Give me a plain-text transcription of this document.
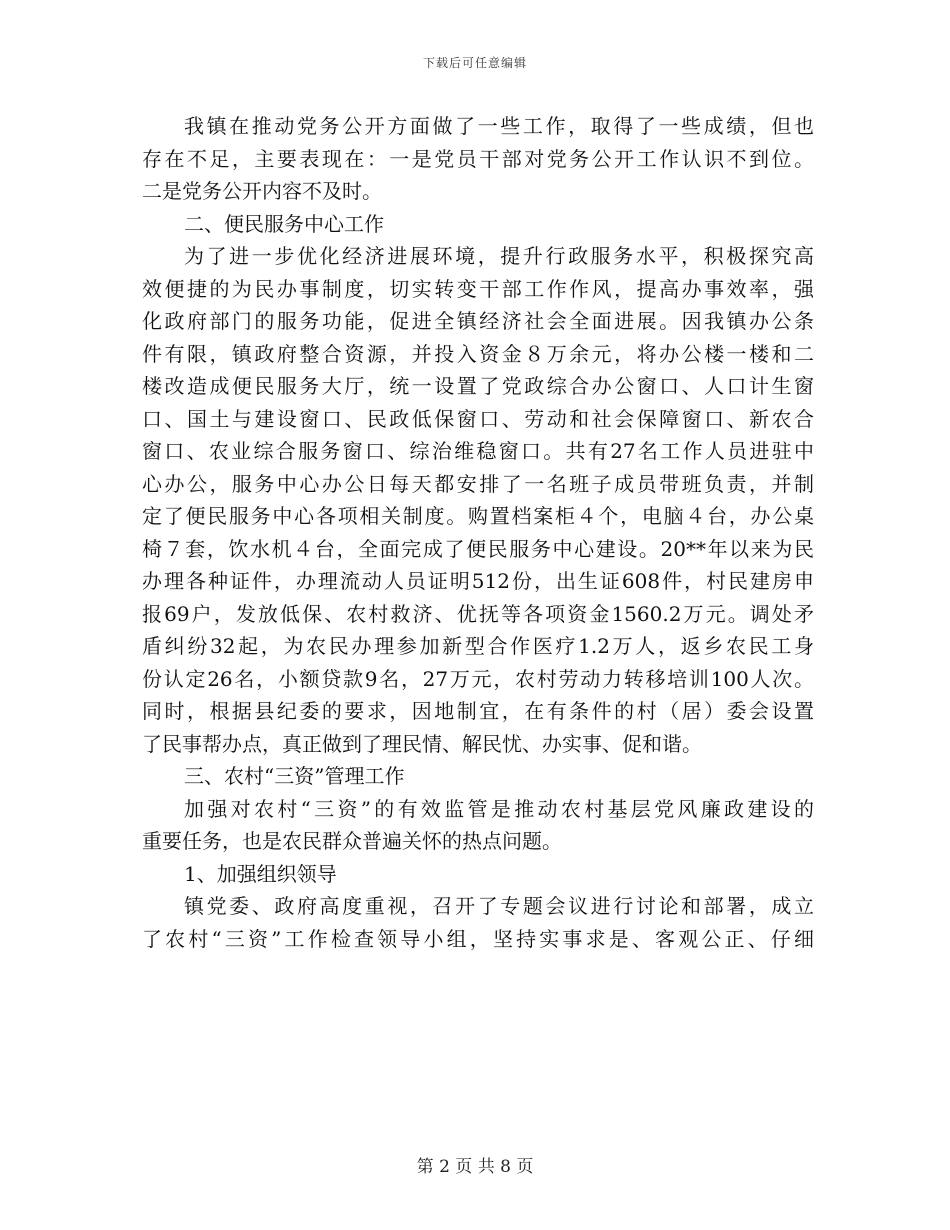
下载后可任意编辑
我镇在推动党务公开方面做了一些工作，取得了一些成绩，但也
存在不足，主要表现在：一是党员干部对党务公开工作认识不到位。
二是党务公开内容不及时。
二、便民服务中心工作
为了进一步优化经济进展环境，提升行政服务水平，积极探究高
效便捷的为民办事制度，切实转变干部工作作风，提高办事效率，强
化政府部门的服务功能，促进全镇经济社会全面进展。因我镇办公条
件有限，镇政府整合资源，并投入资金８万余元，将办公楼一楼和二
楼改造成便民服务大厅，统一设置了党政综合办公窗口、人口计生窗
口、国土与建设窗口、民政低保窗口、劳动和社会保障窗口、新农合
窗口、农业综合服务窗口、综治维稳窗口。共有27名工作人员进驻中
心办公，服务中心办公日每天都安排了一名班子成员带班负责，并制
定了便民服务中心各项相关制度。购置档案柜４个，电脑４台，办公桌
椅７套，饮水机４台，全面完成了便民服务中心建设。20**年以来为民
办理各种证件，办理流动人员证明512份，出生证608件，村民建房申
报69户，发放低保、农村救济、优抚等各项资金1560.2万元。调处矛
盾纠纷32起，为农民办理参加新型合作医疗1.2万人，返乡农民工身
份认定26名，小额贷款9名，27万元，农村劳动力转移培训100人次。
同时，根据县纪委的要求，因地制宜，在有条件的村（居）委会设置
了民事帮办点，真正做到了理民情、解民忧、办实事、促和谐。
三、农村“三资”管理工作
加强对农村“三资”的有效监管是推动农村基层党风廉政建设的
重要任务，也是农民群众普遍关怀的热点问题。
1、加强组织领导
镇党委、政府高度重视，召开了专题会议进行讨论和部署，成立
了农村“三资”工作检查领导小组，坚持实事求是、客观公正、仔细
第 2 页 共 8 页
